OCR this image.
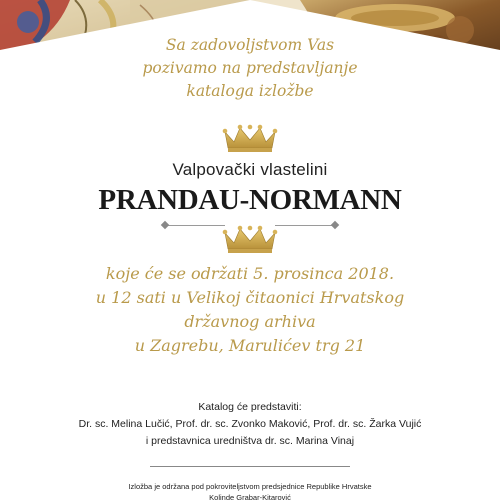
Sa zadovoljstvom Vas
pozivamo na predstavljanje
kataloga izložbe
Valpovački vlastelini
PRANDAU-NORMANN
koje će se održati 5. prosinca 2018.
u 12 sati u Velikoj čitaonici Hrvatskog
državnog arhiva
u Zagrebu, Marulićev trg 21
Katalog će predstaviti:
Dr. sc. Melina Lučić, Prof. dr. sc. Zvonko Maković, Prof. dr. sc. Žarka Vujić
i predstavnica uredništva dr. sc. Marina Vinaj
Izložba je održana pod pokroviteljstvom predsjednice Republike Hrvatske
Kolinde Grabar-Kitarović
